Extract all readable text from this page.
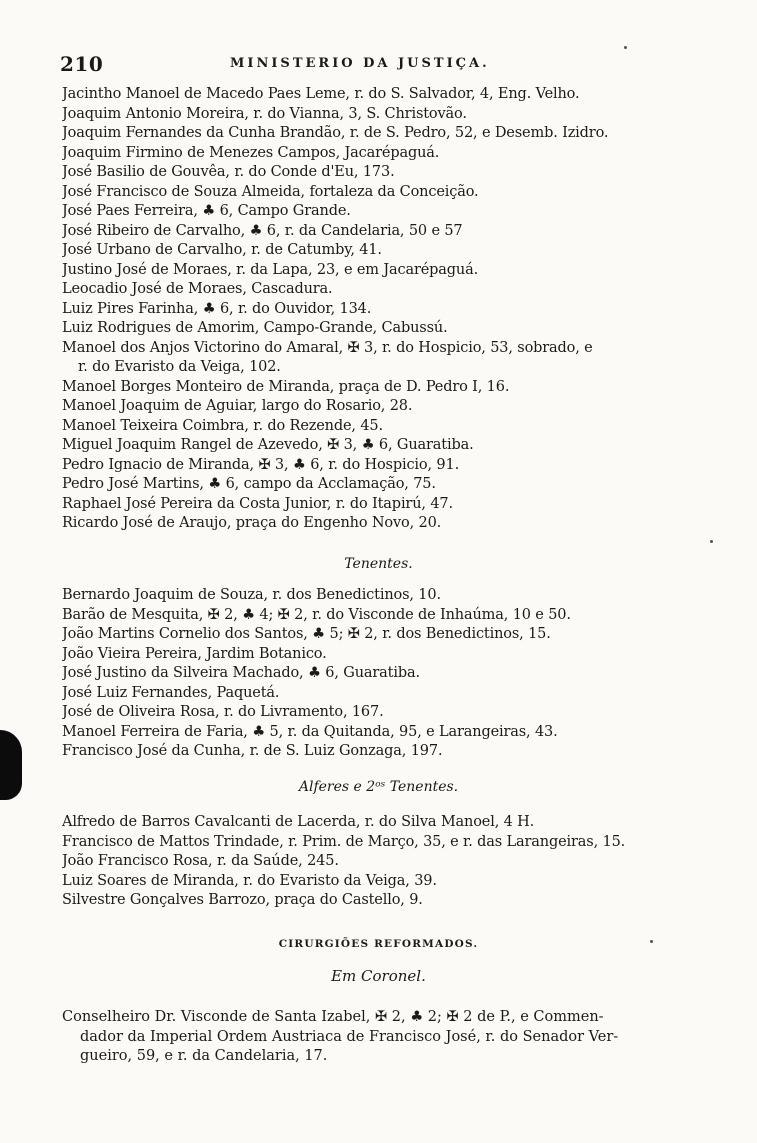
210	MINISTERIO DA JUSTIÇA.
Jacintho Manoel de Macedo Paes Leme, r. do S. Salvador, 4, Eng. Velho.
Joaquim Antonio Moreira, r. do Vianna, 3, S. Christovão.
Joaquim Fernandes da Cunha Brandão, r. de S. Pedro, 52, e Desemb. Izidro.
Joaquim Firmino de Menezes Campos, Jacarépaguá.
José Basilio de Gouvêa, r. do Conde d'Eu, 173.
José Francisco de Souza Almeida, fortaleza da Conceição.
José Paes Ferreira, ♣ 6, Campo Grande.
José Ribeiro de Carvalho, ♣ 6, r. da Candelaria, 50 e 57
José Urbano de Carvalho, r. de Catumby, 41.
Justino José de Moraes, r. da Lapa, 23, e em Jacarépaguá.
Leocadio José de Moraes, Cascadura.
Luiz Pires Farinha, ♣ 6, r. do Ouvidor, 134.
Luiz Rodrigues de Amorim, Campo-Grande, Cabussú.
Manoel dos Anjos Victorino do Amaral, ✠ 3, r. do Hospicio, 53, sobrado, e
r. do Evaristo da Veiga, 102.
Manoel Borges Monteiro de Miranda, praça de D. Pedro I, 16.
Manoel Joaquim de Aguiar, largo do Rosario, 28.
Manoel Teixeira Coimbra, r. do Rezende, 45.
Miguel Joaquim Rangel de Azevedo, ✠ 3, ♣ 6, Guaratiba.
Pedro Ignacio de Miranda, ✠ 3, ♣ 6, r. do Hospicio, 91.
Pedro José Martins, ♣ 6, campo da Acclamação, 75.
Raphael José Pereira da Costa Junior, r. do Itapirú, 47.
Ricardo José de Araujo, praça do Engenho Novo, 20.
Tenentes.
Bernardo Joaquim de Souza, r. dos Benedictinos, 10.
Barão de Mesquita, ✠ 2, ♣ 4; ✠ 2, r. do Visconde de Inhaúma, 10 e 50.
João Martins Cornelio dos Santos, ♣ 5; ✠ 2, r. dos Benedictinos, 15.
João Vieira Pereira, Jardim Botanico.
José Justino da Silveira Machado, ♣ 6, Guaratiba.
José Luiz Fernandes, Paquetá.
José de Oliveira Rosa, r. do Livramento, 167.
Manoel Ferreira de Faria, ♣ 5, r. da Quitanda, 95, e Larangeiras, 43.
Francisco José da Cunha, r. de S. Luiz Gonzaga, 197.
Alferes e 2ᵒˢ Tenentes.
Alfredo de Barros Cavalcanti de Lacerda, r. do Silva Manoel, 4 H.
Francisco de Mattos Trindade, r. Prim. de Março, 35, e r. das Larangeiras, 15.
João Francisco Rosa, r. da Saúde, 245.
Luiz Soares de Miranda, r. do Evaristo da Veiga, 39.
Silvestre Gonçalves Barrozo, praça do Castello, 9.
CIRURGIÕES REFORMADOS.
Em Coronel.
Conselheiro Dr. Visconde de Santa Izabel, ✠ 2, ♣ 2; ✠ 2 de P., e Commen-
dador da Imperial Ordem Austriaca de Francisco José, r. do Senador Ver-
gueiro, 59, e r. da Candelaria, 17.
